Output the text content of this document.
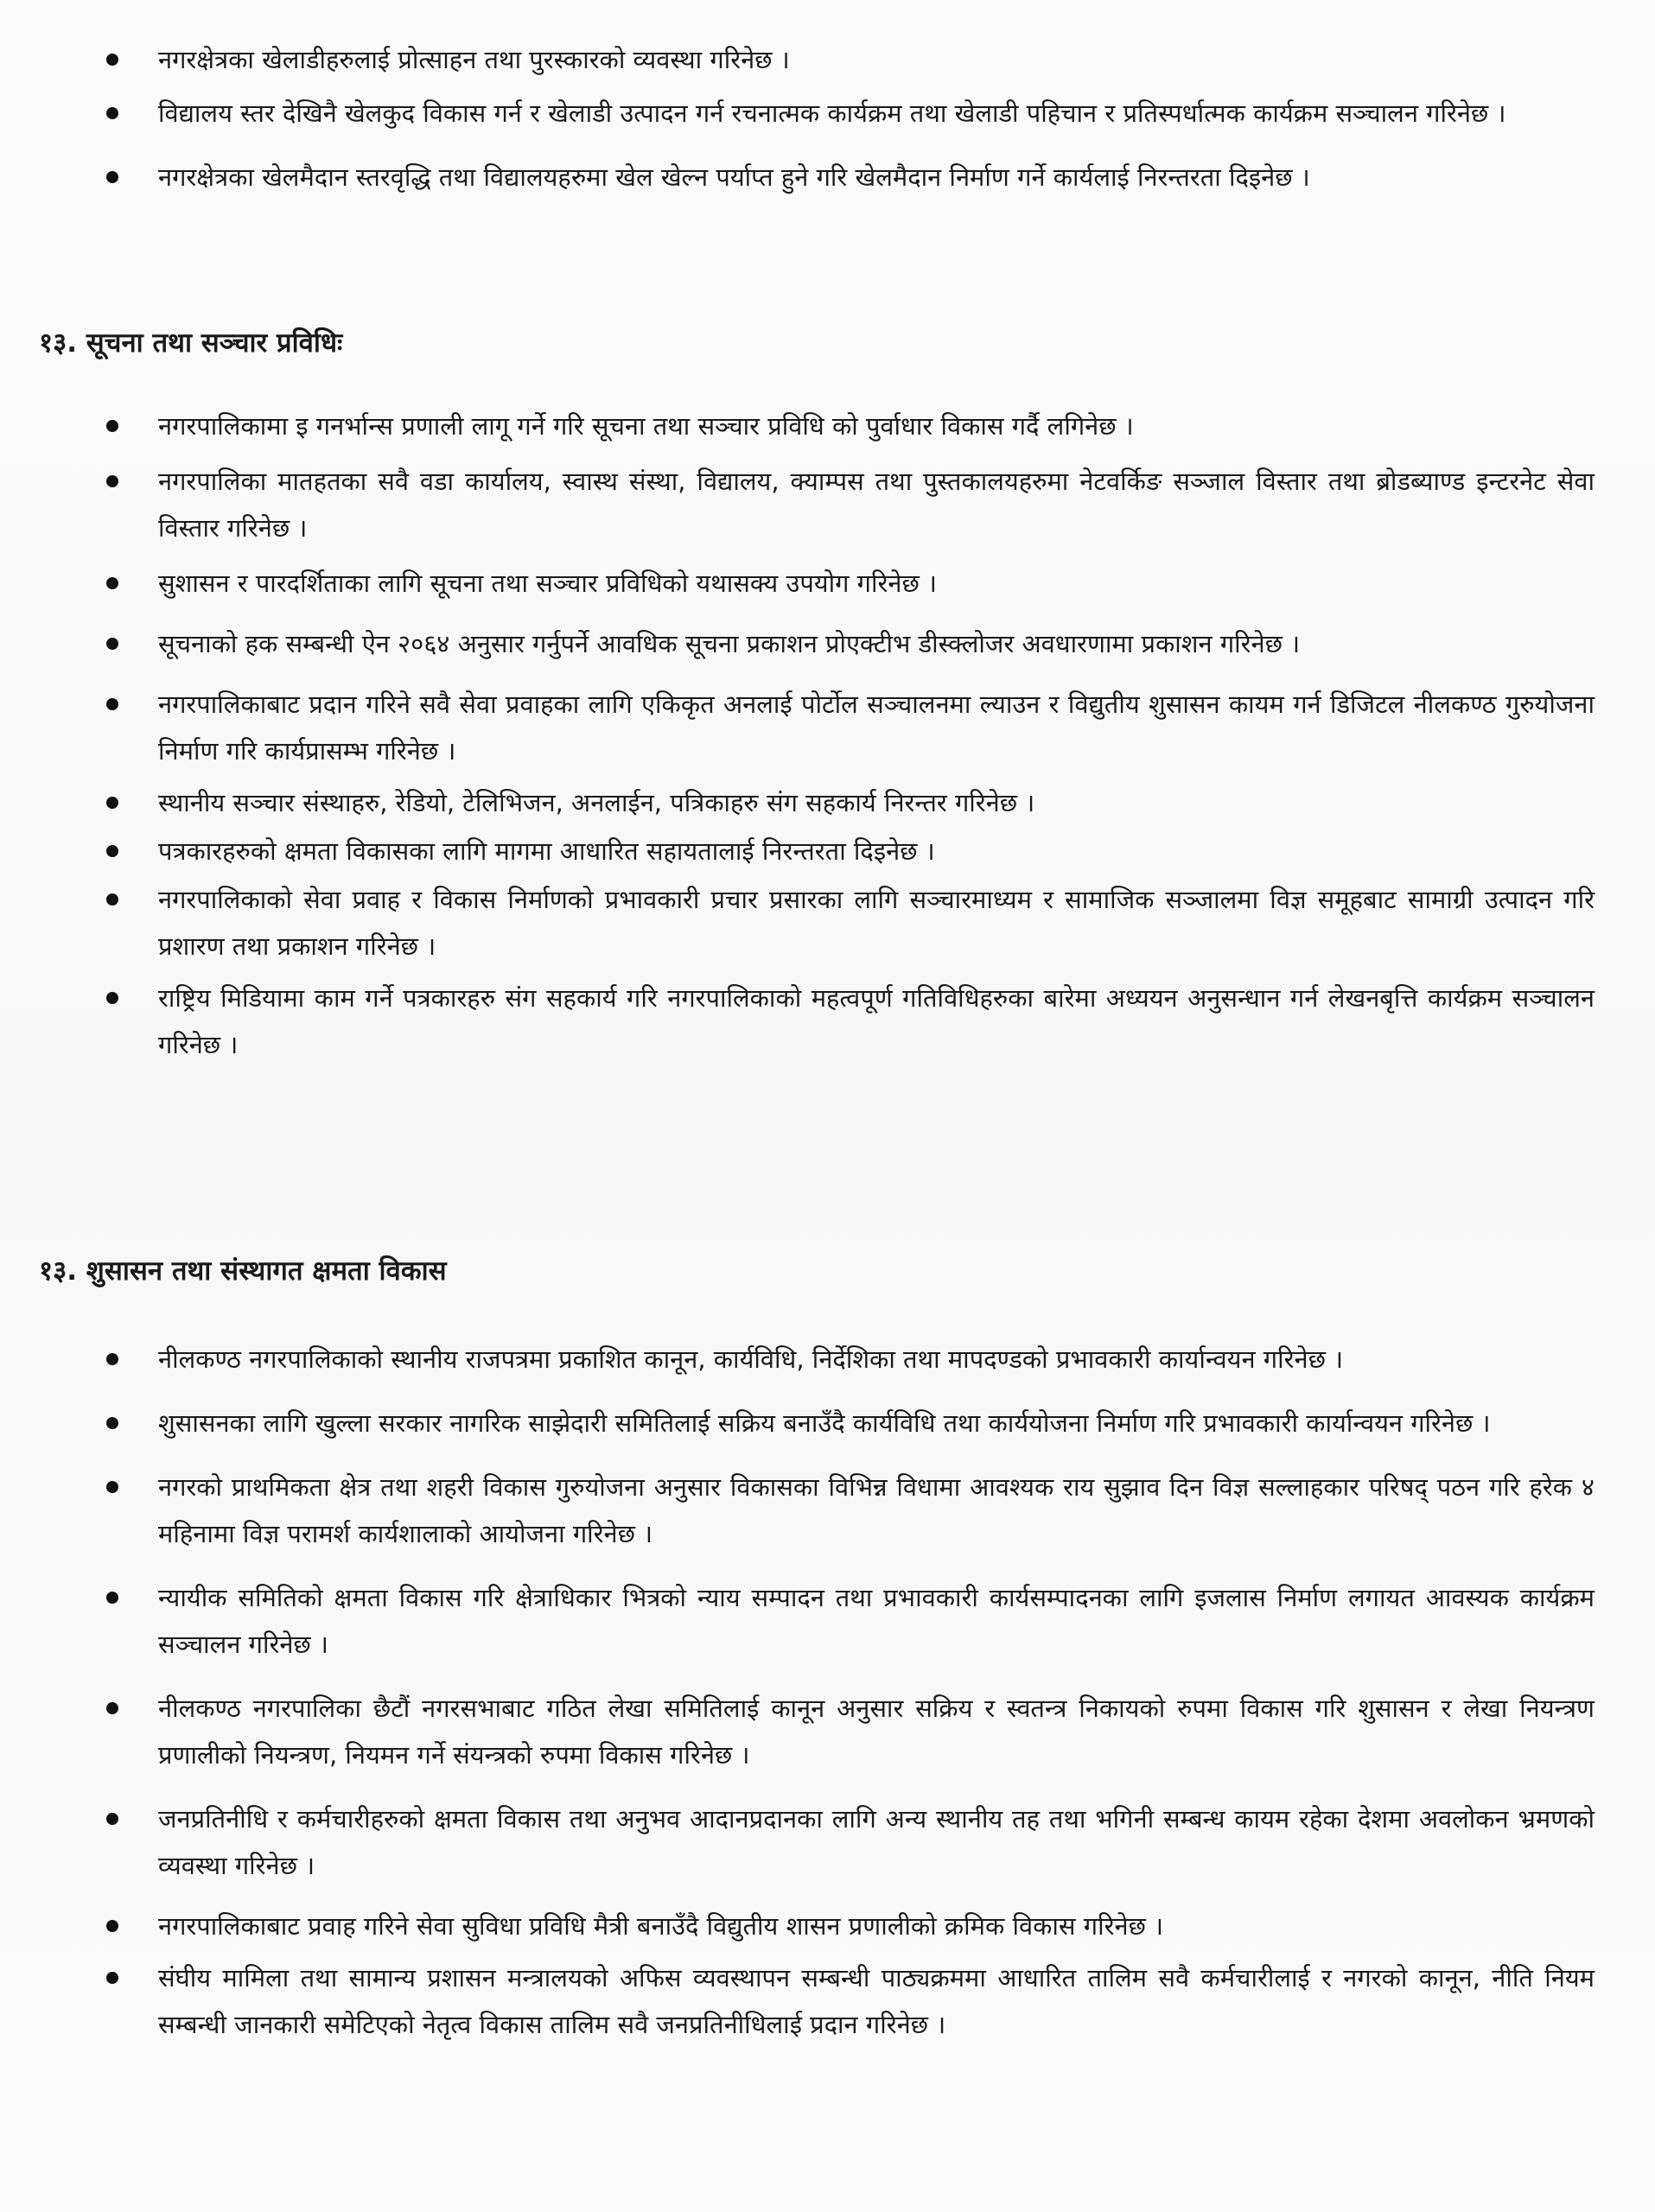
नगरक्षेत्रका खेलाडीहरुलाई प्रोत्साहन तथा पुरस्कारको व्यवस्था गरिनेछ ।

विद्यालय स्तर देखिनै खेलकुद विकास गर्न र खेलाडी उत्पादन गर्न रचनात्मक कार्यक्रम तथा खेलाडी पहिचान र प्रतिस्पर्धात्मक कार्यक्रम सञ्चालन गरिनेछ ।

नगरक्षेत्रका खेलमैदान स्तरवृद्धि तथा विद्यालयहरुमा खेल खेल्न पर्याप्त हुने गरि खेलमैदान निर्माण गर्ने कार्यलाई निरन्तरता दिइनेछ ।

१३. सूचना तथा सञ्चार प्रविधिः

नगरपालिकामा इ गनर्भान्स प्रणाली लागू गर्ने गरि सूचना तथा सञ्चार प्रविधि को पुर्वाधार विकास गर्दै लगिनेछ ।

नगरपालिका मातहतका सवै वडा कार्यालय, स्वास्थ संस्था, विद्यालय, क्याम्पस तथा पुस्तकालयहरुमा नेटवर्किङ सञ्जाल विस्तार तथा ब्रोडब्याण्ड इन्टरनेट सेवा विस्तार गरिनेछ ।

सुशासन र पारदर्शिताका लागि सूचना तथा सञ्चार प्रविधिको यथासक्य उपयोग गरिनेछ ।

सूचनाको हक सम्बन्धी ऐन २०६४ अनुसार गर्नुपर्ने आवधिक सूचना प्रकाशन प्रोएक्टीभ डीस्क्लोजर अवधारणामा प्रकाशन गरिनेछ ।

नगरपालिकाबाट प्रदान गरिने सवै सेवा प्रवाहका लागि एकिकृत अनलाई पोर्टोल सञ्चालनमा ल्याउन र विद्युतीय शुसासन कायम गर्न डिजिटल नीलकण्ठ गुरुयोजना निर्माण गरि कार्यप्रासम्भ गरिनेछ ।

स्थानीय सञ्चार संस्थाहरु, रेडियो, टेलिभिजन, अनलाईन, पत्रिकाहरु संग सहकार्य निरन्तर गरिनेछ ।

पत्रकारहरुको क्षमता विकासका लागि मागमा आधारित सहायतालाई निरन्तरता दिइनेछ ।

नगरपालिकाको सेवा प्रवाह र विकास निर्माणको प्रभावकारी प्रचार प्रसारका लागि सञ्चारमाध्यम र सामाजिक सञ्जालमा विज्ञ समूहबाट सामाग्री उत्पादन गरि प्रशारण तथा प्रकाशन गरिनेछ ।

राष्ट्रिय मिडियामा काम गर्ने पत्रकारहरु संग सहकार्य गरि नगरपालिकाको महत्वपूर्ण गतिविधिहरुका बारेमा अध्ययन अनुसन्धान गर्न लेखनबृत्ति कार्यक्रम सञ्चालन गरिनेछ ।

१३. शुसासन तथा संस्थागत क्षमता विकास

नीलकण्ठ नगरपालिकाको स्थानीय राजपत्रमा प्रकाशित कानून, कार्यविधि, निर्देशिका तथा मापदण्डको प्रभावकारी कार्यान्वयन गरिनेछ ।

शुसासनका लागि खुल्ला सरकार नागरिक साझेदारी समितिलाई सक्रिय बनाउँदै कार्यविधि तथा कार्ययोजना निर्माण गरि प्रभावकारी कार्यान्वयन गरिनेछ ।

नगरको प्राथमिकता क्षेत्र तथा शहरी विकास गुरुयोजना अनुसार विकासका विभिन्न विधामा आवश्यक राय सुझाव दिन विज्ञ सल्लाहकार परिषद् पठन गरि हरेक ४ महिनामा विज्ञ परामर्श कार्यशालाको आयोजना गरिनेछ ।

न्यायीक समितिको क्षमता विकास गरि क्षेत्राधिकार भित्रको न्याय सम्पादन तथा प्रभावकारी कार्यसम्पादनका लागि इजलास निर्माण लगायत आवस्यक कार्यक्रम सञ्चालन गरिनेछ ।

नीलकण्ठ नगरपालिका छैटौं नगरसभाबाट गठित लेखा समितिलाई कानून अनुसार सक्रिय र स्वतन्त्र निकायको रुपमा विकास गरि शुसासन र लेखा नियन्त्रण प्रणालीको नियन्त्रण, नियमन गर्ने संयन्त्रको रुपमा विकास गरिनेछ ।

जनप्रतिनीधि र कर्मचारीहरुको क्षमता विकास तथा अनुभव आदानप्रदानका लागि अन्य स्थानीय तह तथा भगिनी सम्बन्ध कायम रहेका देशमा अवलोकन भ्रमणको व्यवस्था गरिनेछ ।

नगरपालिकाबाट प्रवाह गरिने सेवा सुविधा प्रविधि मैत्री बनाउँदै विद्युतीय शासन प्रणालीको क्रमिक विकास गरिनेछ ।

संघीय मामिला तथा सामान्य प्रशासन मन्त्रालयको अफिस व्यवस्थापन सम्बन्धी पाठ्यक्रममा आधारित तालिम सवै कर्मचारीलाई र नगरको कानून, नीति नियम सम्बन्धी जानकारी समेटिएको नेतृत्व विकास तालिम सवै जनप्रतिनीधिलाई प्रदान गरिनेछ ।
